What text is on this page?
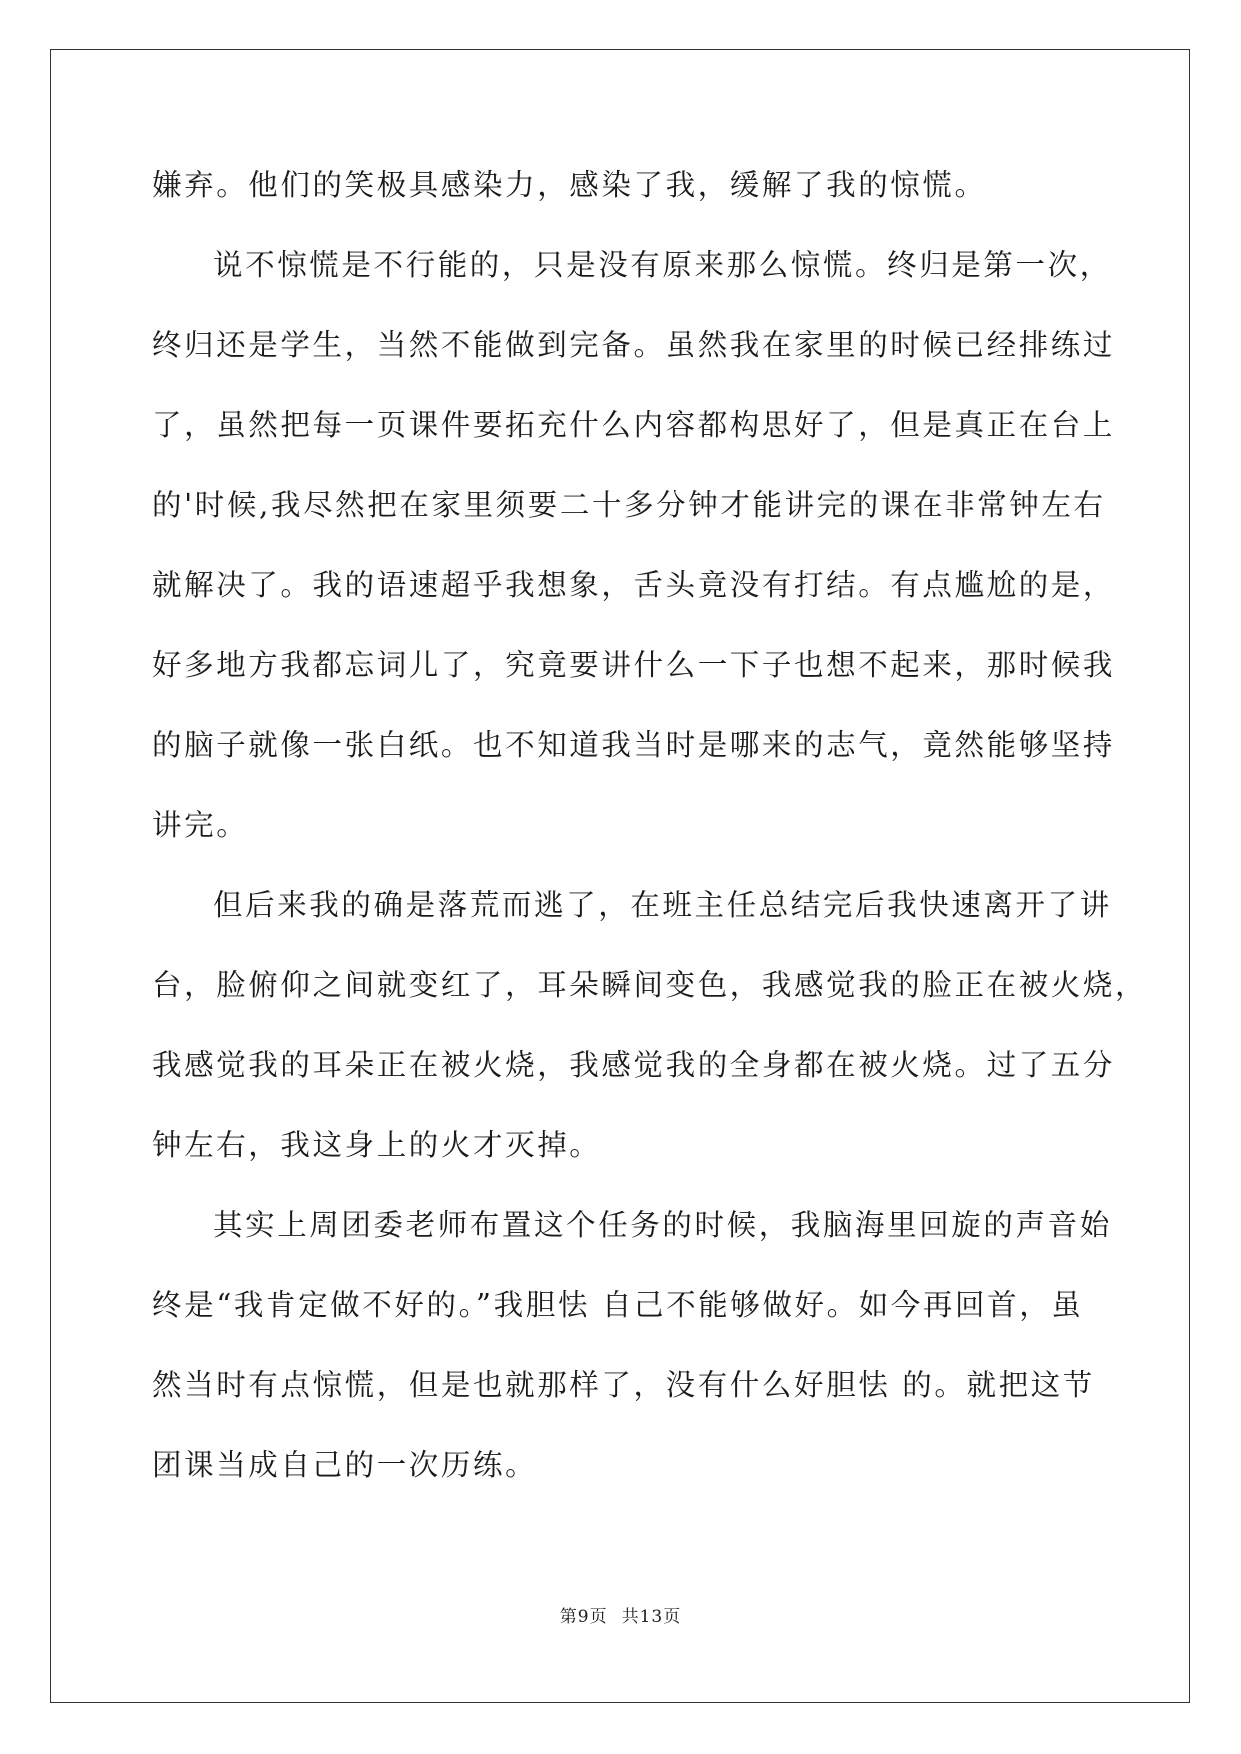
嫌弃。他们的笑极具感染力，感染了我，缓解了我的惊慌。
说不惊慌是不行能的，只是没有原来那么惊慌。终归是第一次，
终归还是学生，当然不能做到完备。虽然我在家里的时候已经排练过
了，虽然把每一页课件要拓充什么内容都构思好了，但是真正在台上
的'时候,我尽然把在家里须要二十多分钟才能讲完的课在非常钟左右
就解决了。我的语速超乎我想象，舌头竟没有打结。有点尴尬的是，
好多地方我都忘词儿了，究竟要讲什么一下子也想不起来，那时候我
的脑子就像一张白纸。也不知道我当时是哪来的志气，竟然能够坚持
讲完。
但后来我的确是落荒而逃了，在班主任总结完后我快速离开了讲
台，脸俯仰之间就变红了，耳朵瞬间变色，我感觉我的脸正在被火烧，
我感觉我的耳朵正在被火烧，我感觉我的全身都在被火烧。过了五分
钟左右，我这身上的火才灭掉。
其实上周团委老师布置这个任务的时候，我脑海里回旋的声音始
终是“我肯定做不好的。”我胆怯 自己不能够做好。如今再回首，虽
然当时有点惊慌，但是也就那样了，没有什么好胆怯 的。就把这节
团课当成自己的一次历练。
第9页 共13页
